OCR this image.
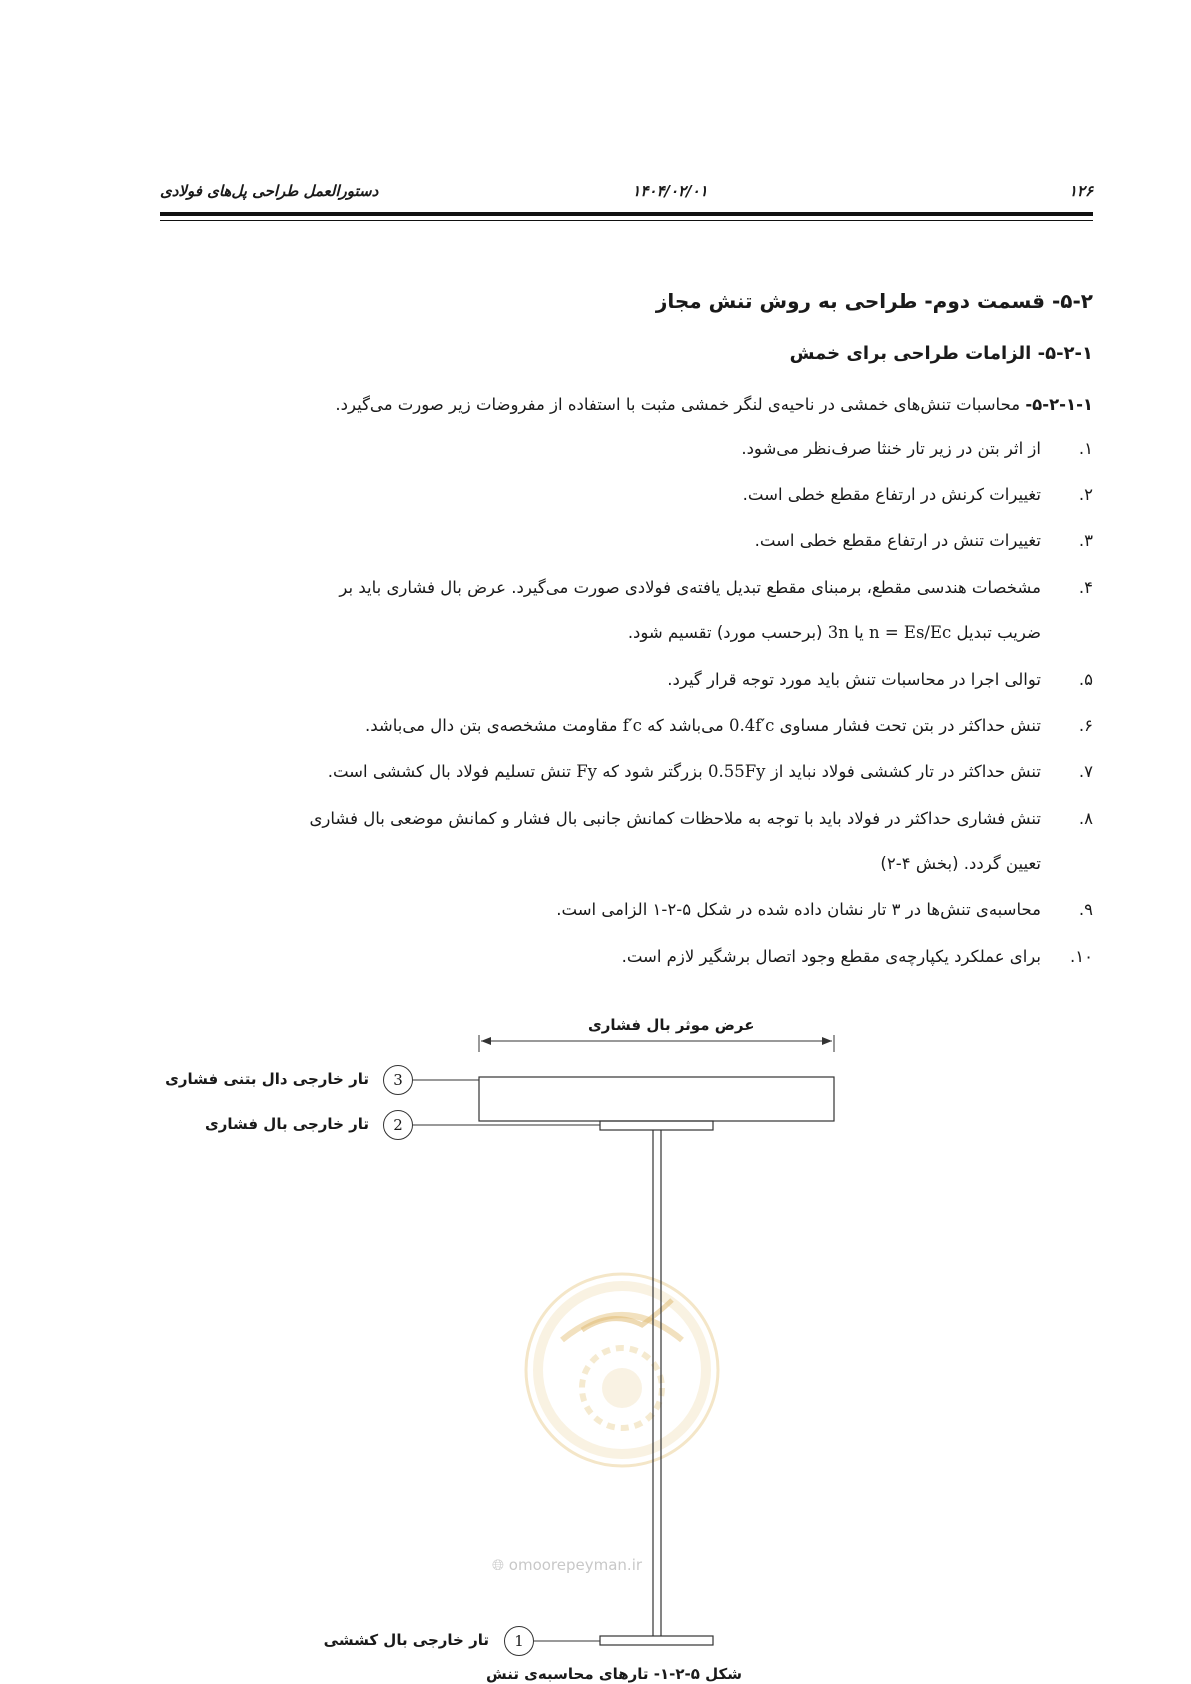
۱۲۶
۱۴۰۴/۰۲/۰۱
دستورالعمل طراحی پل‌های فولادی
۵-۲- قسمت دوم- طراحی به روش تنش مجاز
۵-۲-۱- الزامات طراحی برای خمش
۵-۲-۱-۱- محاسبات تنش‌های خمشی در ناحیه‌ی لنگر خمشی مثبت با استفاده از مفروضات زیر صورت می‌گیرد.
۱.
از اثر بتن در زیر تار خنثا صرف‌نظر می‌شود.
۲.
تغییرات کرنش در ارتفاع مقطع خطی است.
۳.
تغییرات تنش در ارتفاع مقطع خطی است.
۴.
مشخصات هندسی مقطع، برمبنای مقطع تبدیل یافته‌ی فولادی صورت می‌گیرد. عرض بال فشاری باید بر
ضریب تبدیل n = Es/Ec یا 3n (برحسب مورد) تقسیم شود.
۵.
توالی اجرا در محاسبات تنش باید مورد توجه قرار گیرد.
۶.
تنش حداکثر در بتن تحت فشار مساوی 0.4f′c می‌باشد که f′c مقاومت مشخصه‌ی بتن دال می‌باشد.
۷.
تنش حداکثر در تار کششی فولاد نباید از 0.55Fy بزرگتر شود که Fy تنش تسلیم فولاد بال کششی است.
۸.
تنش فشاری حداکثر در فولاد باید با توجه به ملاحظات کمانش جانبی بال فشار و کمانش موضعی بال فشاری
تعیین گردد. (بخش ۴-۲)
۹.
محاسبه‌ی تنش‌ها در ۳ تار نشان داده شده در شکل ۵-۲-۱ الزامی است.
۱۰.
برای عملکرد یکپارچه‌ی مقطع وجود اتصال برشگیر لازم است.
🌐︎ omoorepeyman.ir
عرض موثر بال فشاری
3
تار خارجی دال بتنی فشاری
2
تار خارجی بال فشاری
1
تار خارجی بال کششی
شکل ۵-۲-۱- تارهای محاسبه‌ی تنش
